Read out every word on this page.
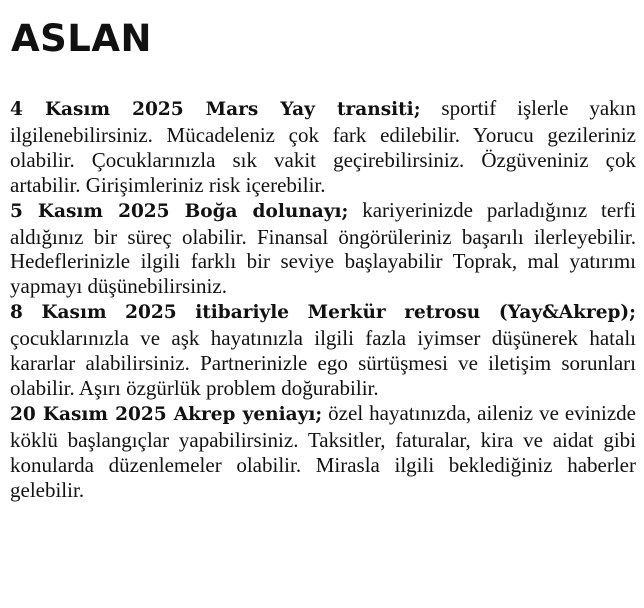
ASLAN

4 Kasım 2025 Mars Yay transiti; sportif işlerle yakın ilgilenebilirsiniz. Mücadeleniz çok fark edilebilir. Yorucu gezileriniz olabilir. Çocuklarınızla sık vakit geçirebilirsiniz. Özgüveniniz çok artabilir. Girişimleriniz risk içerebilir.

5 Kasım 2025 Boğa dolunayı; kariyerinizde parladığınız terfi aldığınız bir süreç olabilir. Finansal öngörüleriniz başarılı ilerleyebilir. Hedeflerinizle ilgili farklı bir seviye başlayabilir Toprak, mal yatırımı yapmayı düşünebilirsiniz.

8 Kasım 2025 itibariyle Merkür retrosu (Yay&Akrep); çocuklarınızla ve aşk hayatınızla ilgili fazla iyimser düşünerek hatalı kararlar alabilirsiniz. Partnerinizle ego sürtüşmesi ve iletişim sorunları olabilir. Aşırı özgürlük problem doğurabilir.

20 Kasım 2025 Akrep yeniayı; özel hayatınızda, aileniz ve evinizde köklü başlangıçlar yapabilirsiniz. Taksitler, faturalar, kira ve aidat gibi konularda düzenlemeler olabilir. Mirasla ilgili beklediğiniz haberler gelebilir.
